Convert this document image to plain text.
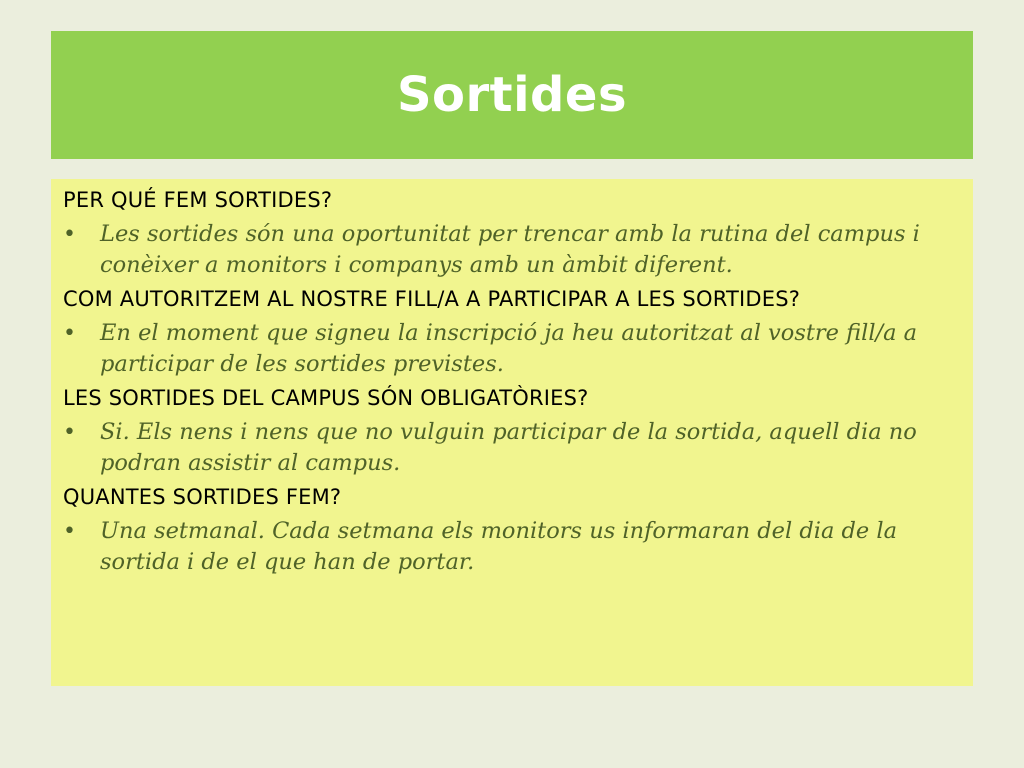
Sortides

PER QUÉ FEM SORTIDES?

• Les sortides són una oportunitat per trencar amb la rutina del campus i conèixer a monitors i companys amb un àmbit diferent.

COM AUTORITZEM AL NOSTRE FILL/A A PARTICIPAR A LES SORTIDES?

• En el moment que signeu la inscripció ja heu autoritzat al vostre fill/a a participar de les sortides previstes.

LES SORTIDES DEL CAMPUS SÓN OBLIGATÒRIES?

• Si. Els nens i nens que no vulguin participar de la sortida, aquell dia no podran assistir al campus.

QUANTES SORTIDES FEM?

• Una setmanal. Cada setmana els monitors us informaran del dia de la sortida i de el que han de portar.
